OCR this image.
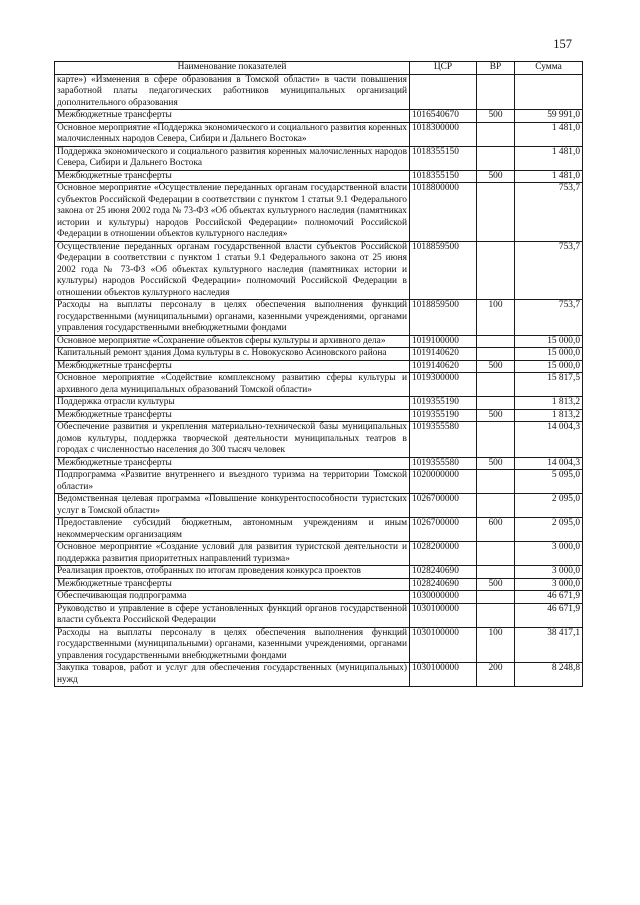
157
Наименование показателей	ЦСР	ВР	Сумма
карте») «Изменения в сфере образования в Томской области» в части повышения заработной платы педагогических работников муниципальных организаций дополнительного образования			
Межбюджетные трансферты	1016540670	500	59 991,0
Основное мероприятие «Поддержка экономического и социального развития коренных малочисленных народов Севера, Сибири и Дальнего Востока»	1018300000		1 481,0
Поддержка экономического и социального развития коренных малочисленных народов Севера, Сибири и Дальнего Востока	1018355150		1 481,0
Межбюджетные трансферты	1018355150	500	1 481,0
Основное мероприятие «Осуществление переданных органам государственной власти субъектов Российской Федерации в соответствии с пунктом 1 статьи 9.1 Федерального закона от 25 июня 2002 года № 73-ФЗ «Об объектах культурного наследия (памятниках истории и культуры) народов Российской Федерации» полномочий Российской Федерации в отношении объектов культурного наследия»	1018800000		753,7
Осуществление переданных органам государственной власти субъектов Российской Федерации в соответствии с пунктом 1 статьи 9.1 Федерального закона от 25 июня 2002 года № 73-ФЗ «Об объектах культурного наследия (памятниках истории и культуры) народов Российской Федерации» полномочий Российской Федерации в отношении объектов культурного наследия	1018859500		753,7
Расходы на выплаты персоналу в целях обеспечения выполнения функций государственными (муниципальными) органами, казенными учреждениями, органами управления государственными внебюджетными фондами	1018859500	100	753,7
Основное мероприятие «Сохранение объектов сферы культуры и архивного дела»	1019100000		15 000,0
Капитальный ремонт здания Дома культуры в с. Новокусково Асиновского района	1019140620		15 000,0
Межбюджетные трансферты	1019140620	500	15 000,0
Основное мероприятие «Содействие комплексному развитию сферы культуры и архивного дела муниципальных образований Томской области»	1019300000		15 817,5
Поддержка отрасли культуры	1019355190		1 813,2
Межбюджетные трансферты	1019355190	500	1 813,2
Обеспечение развития и укрепления материально-технической базы муниципальных домов культуры, поддержка творческой деятельности муниципальных театров в городах с численностью населения до 300 тысяч человек	1019355580		14 004,3
Межбюджетные трансферты	1019355580	500	14 004,3
Подпрограмма «Развитие внутреннего и въездного туризма на территории Томской области»	1020000000		5 095,0
Ведомственная целевая программа «Повышение конкурентоспособности туристских услуг в Томской области»	1026700000		2 095,0
Предоставление субсидий бюджетным, автономным учреждениям и иным некоммерческим организациям	1026700000	600	2 095,0
Основное мероприятие «Создание условий для развития туристской деятельности и поддержка развития приоритетных направлений туризма»	1028200000		3 000,0
Реализация проектов, отобранных по итогам проведения конкурса проектов	1028240690		3 000,0
Межбюджетные трансферты	1028240690	500	3 000,0
Обеспечивающая подпрограмма	1030000000		46 671,9
Руководство и управление в сфере установленных функций органов государственной власти субъекта Российской Федерации	1030100000		46 671,9
Расходы на выплаты персоналу в целях обеспечения выполнения функций государственными (муниципальными) органами, казенными учреждениями, органами управления государственными внебюджетными фондами	1030100000	100	38 417,1
Закупка товаров, работ и услуг для обеспечения государственных (муниципальных) нужд	1030100000	200	8 248,8
